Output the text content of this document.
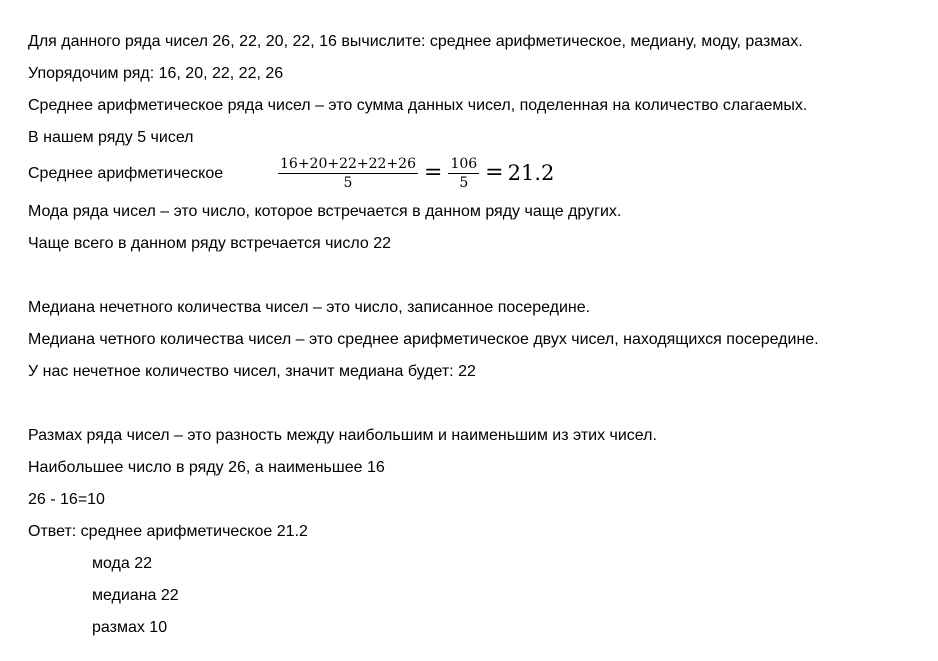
Для данного ряда чисел 26, 22, 20, 22, 16 вычислите: среднее арифметическое, медиану, моду, размах.
Упорядочим ряд: 16, 20, 22, 22, 26
Среднее арифметическое ряда чисел – это сумма данных чисел, поделенная на количество слагаемых.
В нашем ряду 5 чисел
Среднее арифметическое	$\frac{16+20+22+22+26}{5} = \frac{106}{5} = 21.2$
Мода ряда чисел – это число, которое встречается в данном ряду чаще других.
Чаще всего в данном ряду встречается число 22
Медиана нечетного количества чисел – это число, записанное посередине.
Медиана четного количества чисел – это среднее арифметическое двух чисел, находящихся посередине.
У нас нечетное количество чисел, значит медиана будет: 22
Размах ряда чисел – это разность между наибольшим и наименьшим из этих чисел.
Наибольшее число в ряду 26, а наименьшее 16
26 - 16=10
Ответ: среднее арифметическое 21.2
мода 22
медиана 22
размах 10
